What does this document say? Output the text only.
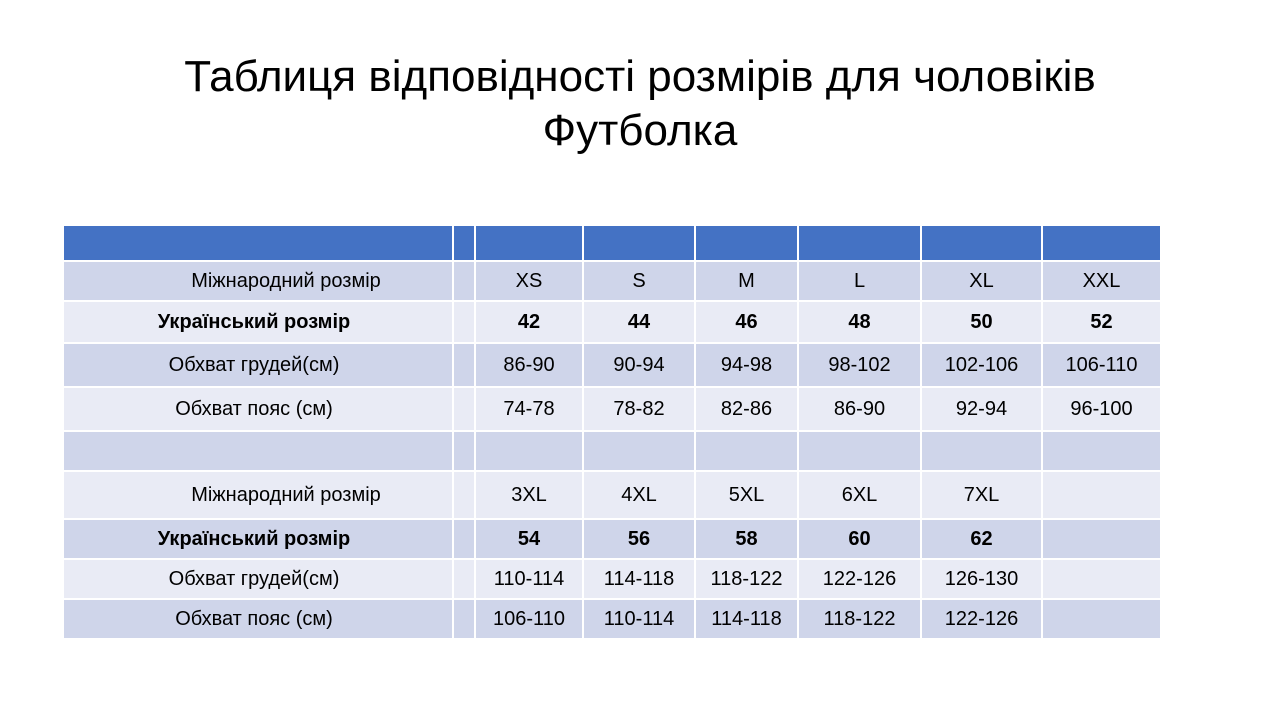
Таблиця відповідності розмірів для чоловіків
Футболка

Міжнародний розмір		XS	S	M	L	XL	XXL
Український розмір		42	44	46	48	50	52
Обхват грудей(см)		86-90	90-94	94-98	98-102	102-106	106-110
Обхват пояс (см)		74-78	78-82	82-86	86-90	92-94	96-100

Міжнародний розмір		3XL	4XL	5XL	6XL	7XL	
Український розмір		54	56	58	60	62	
Обхват грудей(см)		110-114	114-118	118-122	122-126	126-130	
Обхват пояс (см)		106-110	110-114	114-118	118-122	122-126	
